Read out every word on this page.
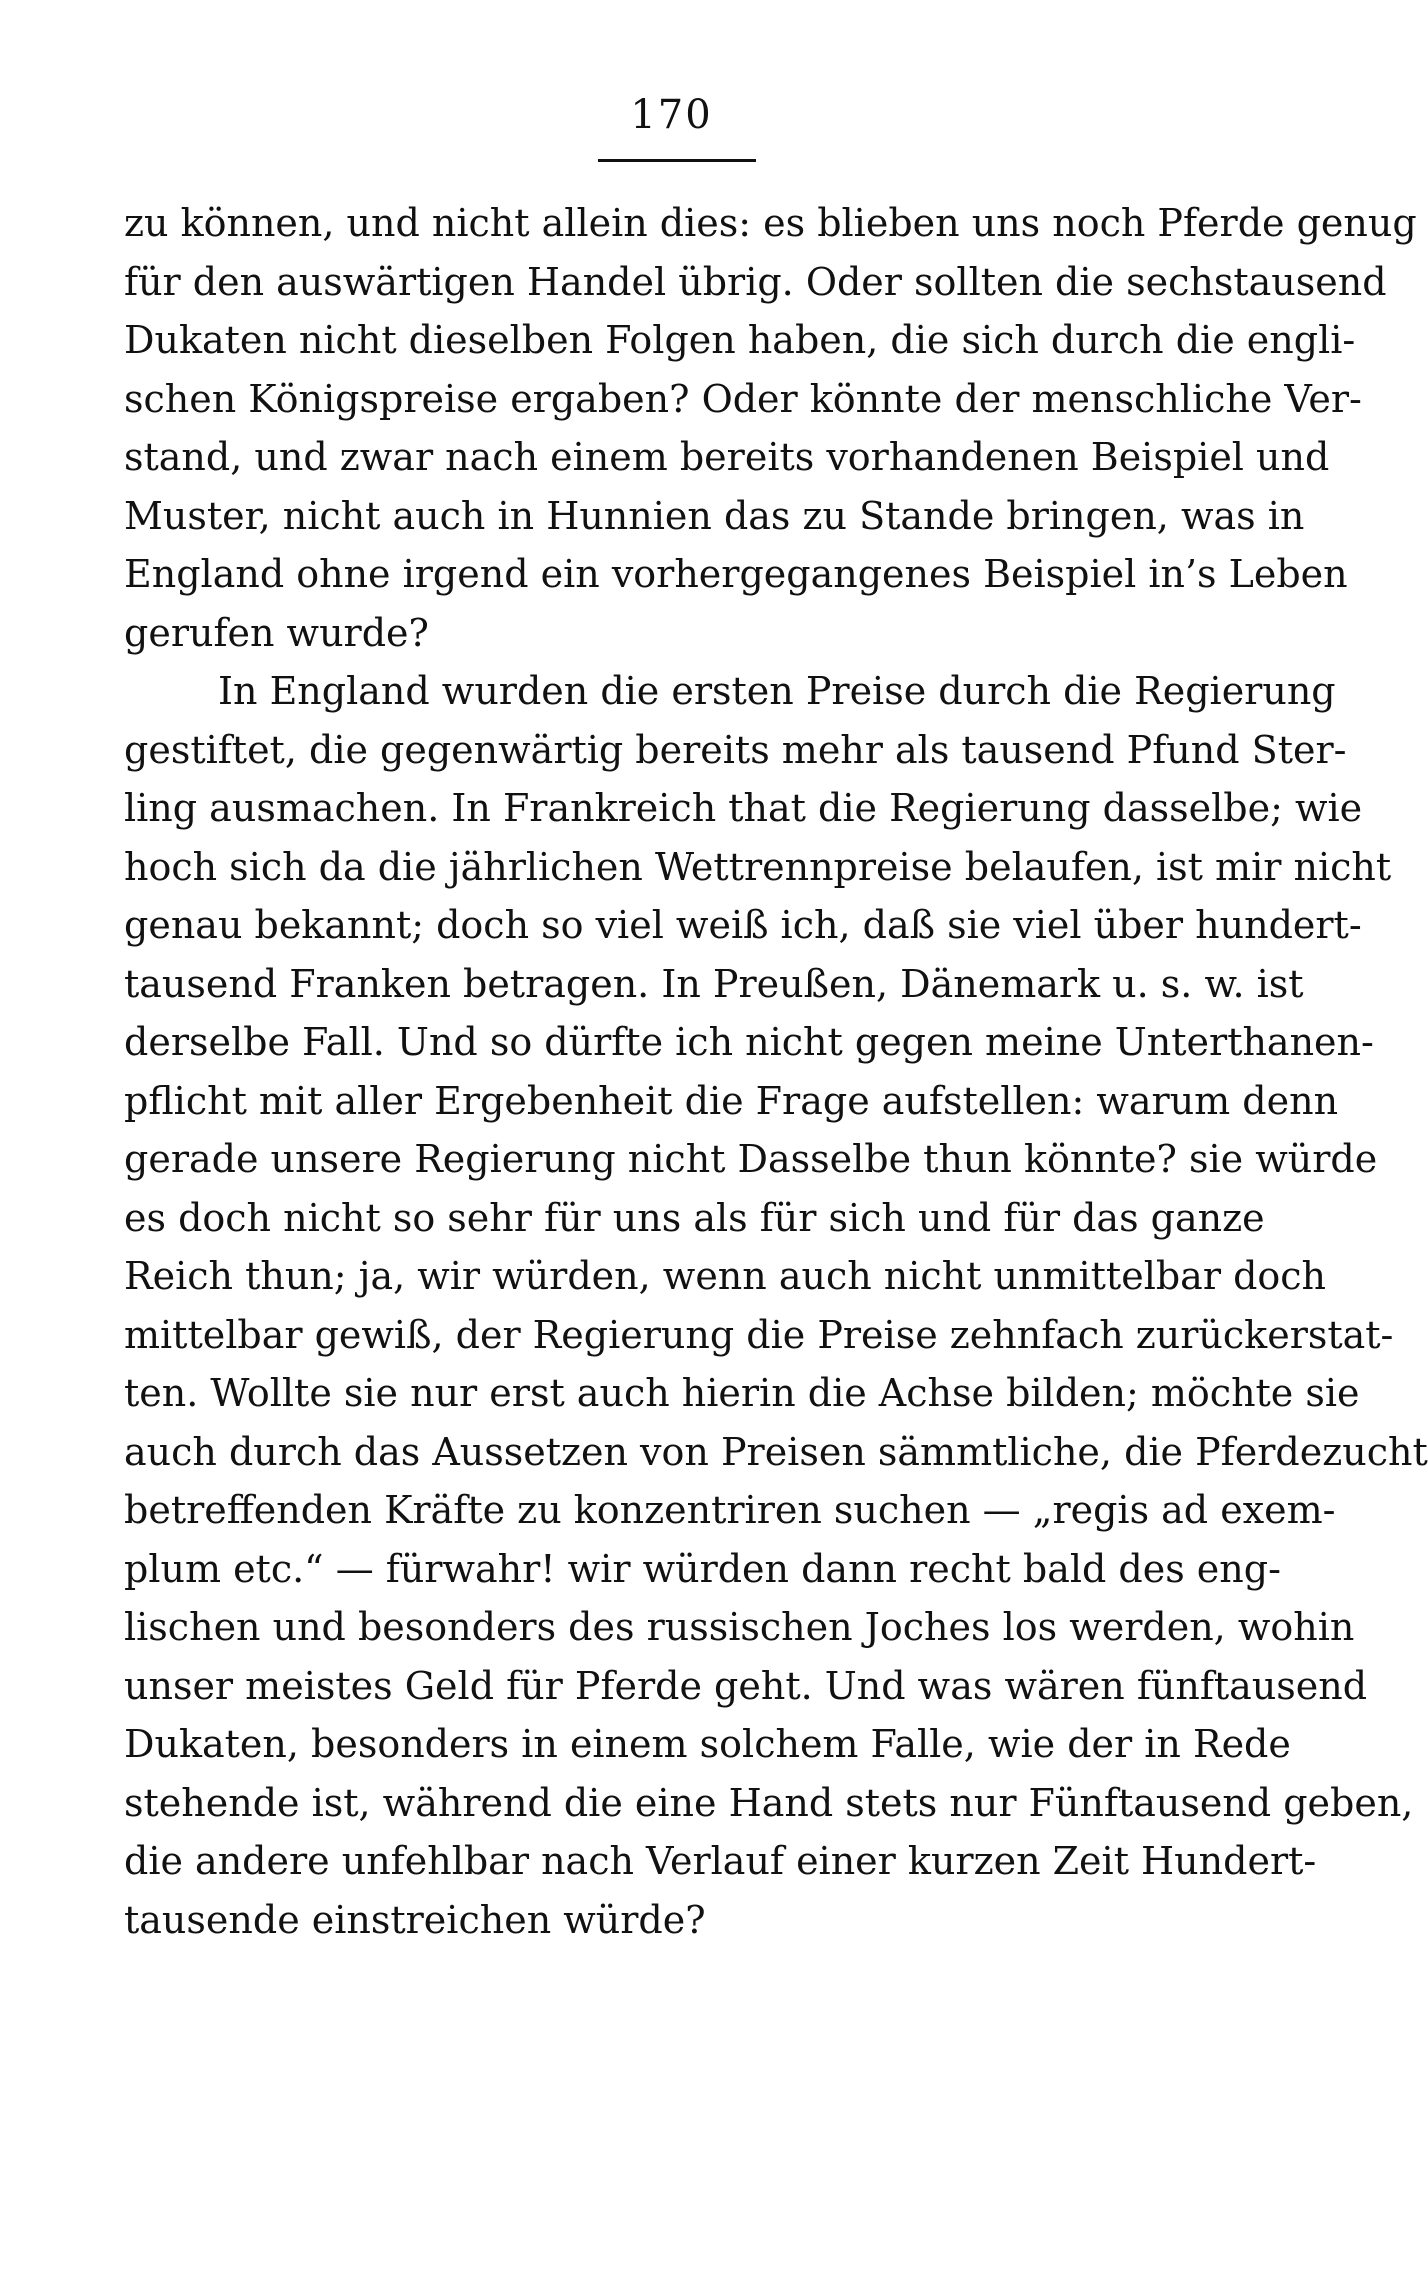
170
zu können, und nicht allein dies: es blieben uns noch Pferde genug
für den auswärtigen Handel übrig. Oder sollten die sechstausend
Dukaten nicht dieselben Folgen haben, die sich durch die engli-
schen Königspreise ergaben? Oder könnte der menschliche Ver-
stand, und zwar nach einem bereits vorhandenen Beispiel und
Muster, nicht auch in Hunnien das zu Stande bringen, was in
England ohne irgend ein vorhergegangenes Beispiel in’s Leben
gerufen wurde?
In England wurden die ersten Preise durch die Regierung
gestiftet, die gegenwärtig bereits mehr als tausend Pfund Ster-
ling ausmachen. In Frankreich that die Regierung dasselbe; wie
hoch sich da die jährlichen Wettrennpreise belaufen, ist mir nicht
genau bekannt; doch so viel weiß ich, daß sie viel über hundert-
tausend Franken betragen. In Preußen, Dänemark u. s. w. ist
derselbe Fall. Und so dürfte ich nicht gegen meine Unterthanen-
pflicht mit aller Ergebenheit die Frage aufstellen: warum denn
gerade unsere Regierung nicht Dasselbe thun könnte? sie würde
es doch nicht so sehr für uns als für sich und für das ganze
Reich thun; ja, wir würden, wenn auch nicht unmittelbar doch
mittelbar gewiß, der Regierung die Preise zehnfach zurückerstat-
ten. Wollte sie nur erst auch hierin die Achse bilden; möchte sie
auch durch das Aussetzen von Preisen sämmtliche, die Pferdezucht
betreffenden Kräfte zu konzentriren suchen — „regis ad exem-
plum etc.“ — fürwahr! wir würden dann recht bald des eng-
lischen und besonders des russischen Joches los werden, wohin
unser meistes Geld für Pferde geht. Und was wären fünftausend
Dukaten, besonders in einem solchem Falle, wie der in Rede
stehende ist, während die eine Hand stets nur Fünftausend geben,
die andere unfehlbar nach Verlauf einer kurzen Zeit Hundert-
tausende einstreichen würde?
